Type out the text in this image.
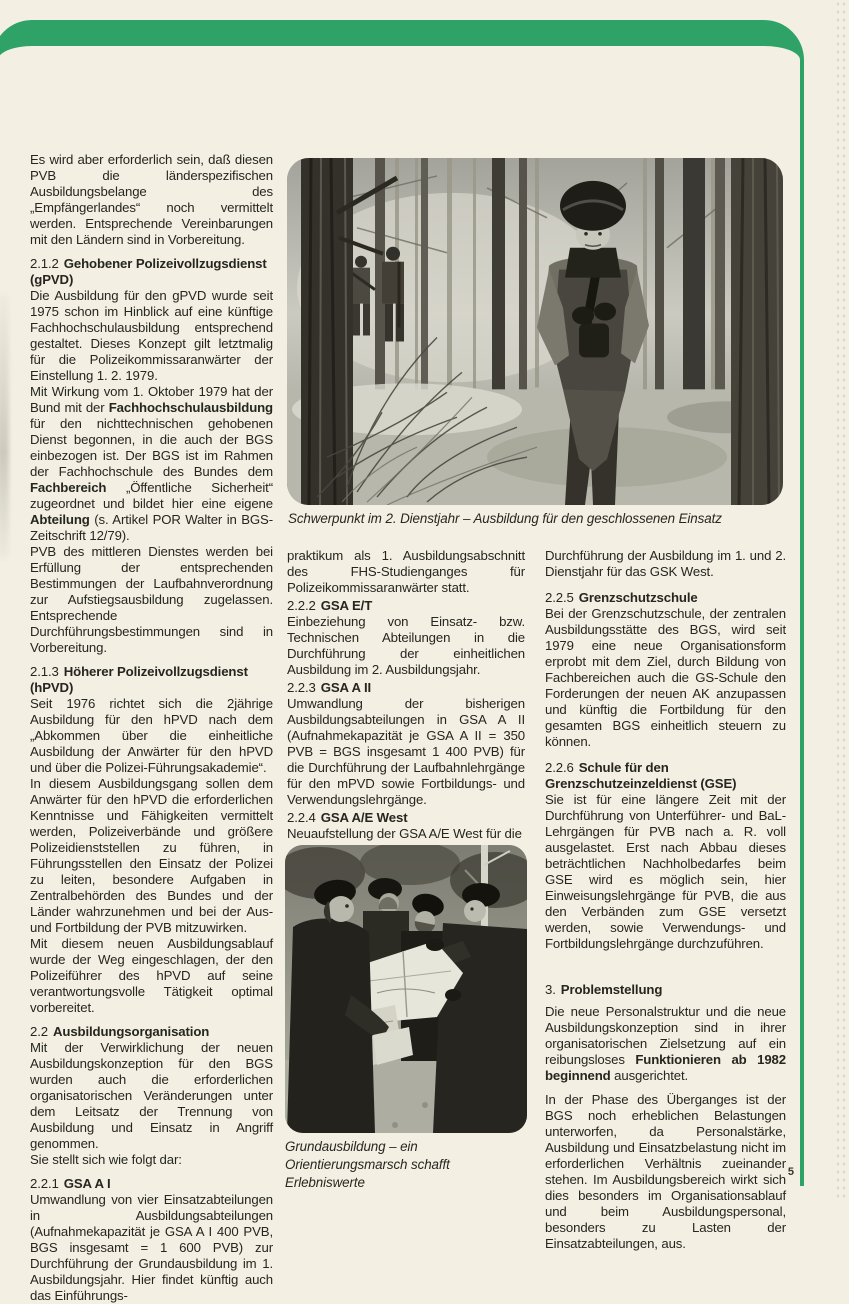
Es wird aber erforderlich sein, daß diesen PVB die länderspezifischen Ausbildungsbelange des „Empfängerlandes“ noch vermittelt werden. Entsprechende Vereinbarungen mit den Ländern sind in Vorbereitung.

2.1.2 Gehobener Polizeivollzugsdienst (gPVD)

Die Ausbildung für den gPVD wurde seit 1975 schon im Hinblick auf eine künftige Fachhochschulausbildung entsprechend gestaltet. Dieses Konzept gilt letztmalig für die Polizeikommissaranwärter der Einstellung 1. 2. 1979.

Mit Wirkung vom 1. Oktober 1979 hat der Bund mit der Fachhochschulausbildung für den nichttechnischen gehobenen Dienst begonnen, in die auch der BGS einbezogen ist. Der BGS ist im Rahmen der Fachhochschule des Bundes dem Fachbereich „Öffentliche Sicherheit“ zugeordnet und bildet hier eine eigene Abteilung (s. Artikel POR Walter in BGS-Zeitschrift 12/79).

PVB des mittleren Dienstes werden bei Erfüllung der entsprechenden Bestimmungen der Laufbahnverordnung zur Aufstiegsausbildung zugelassen. Entsprechende Durchführungsbestimmungen sind in Vorbereitung.

2.1.3 Höherer Polizeivollzugsdienst (hPVD)

Seit 1976 richtet sich die 2jährige Ausbildung für den hPVD nach dem „Abkommen über die einheitliche Ausbildung der Anwärter für den hPVD und über die Polizei-Führungsakademie“.

In diesem Ausbildungsgang sollen dem Anwärter für den hPVD die erforderlichen Kenntnisse und Fähigkeiten vermittelt werden, Polizeiverbände und größere Polizeidienststellen zu führen, in Führungsstellen den Einsatz der Polizei zu leiten, besondere Aufgaben in Zentralbehörden des Bundes und der Länder wahrzunehmen und bei der Aus- und Fortbildung der PVB mitzuwirken.

Mit diesem neuen Ausbildungsablauf wurde der Weg eingeschlagen, der den Polizeiführer des hPVD auf seine verantwortungsvolle Tätigkeit optimal vorbereitet.

2.2 Ausbildungsorganisation

Mit der Verwirklichung der neuen Ausbildungskonzeption für den BGS wurden auch die erforderlichen organisatorischen Veränderungen unter dem Leitsatz der Trennung von Ausbildung und Einsatz in Angriff genommen.

Sie stellt sich wie folgt dar:

2.2.1 GSA A I

Umwandlung von vier Einsatzabteilungen in Ausbildungsabteilungen (Aufnahmekapazität je GSA A I 400 PVB, BGS insgesamt = 1 600 PVB) zur Durchführung der Grundausbildung im 1. Ausbildungsjahr. Hier findet künftig auch das Einführungs-

Schwerpunkt im 2. Dienstjahr – Ausbildung für den geschlossenen Einsatz

praktikum als 1. Ausbildungsabschnitt des FHS-Studienganges für Polizeikommissaranwärter statt.

2.2.2 GSA E/T

Einbeziehung von Einsatz- bzw. Technischen Abteilungen in die Durchführung der einheitlichen Ausbildung im 2. Ausbildungsjahr.

2.2.3 GSA A II

Umwandlung der bisherigen Ausbildungsabteilungen in GSA A II (Aufnahmekapazität je GSA A II = 350 PVB = BGS insgesamt 1 400 PVB) für die Durchführung der Laufbahnlehrgänge für den mPVD sowie Fortbildungs- und Verwendungslehrgänge.

2.2.4 GSA A/E West

Neuaufstellung der GSA A/E West für die

Durchführung der Ausbildung im 1. und 2. Dienstjahr für das GSK West.

2.2.5 Grenzschutzschule

Bei der Grenzschutzschule, der zentralen Ausbildungsstätte des BGS, wird seit 1979 eine neue Organisationsform erprobt mit dem Ziel, durch Bildung von Fachbereichen auch die GS-Schule den Forderungen der neuen AK anzupassen und künftig die Fortbildung für den gesamten BGS einheitlich steuern zu können.

2.2.6 Schule für den Grenzschutzeinzeldienst (GSE)

Sie ist für eine längere Zeit mit der Durchführung von Unterführer- und BaL-Lehrgängen für PVB nach a. R. voll ausgelastet. Erst nach Abbau dieses beträchtlichen Nachholbedarfes beim GSE wird es möglich sein, hier Einweisungslehrgänge für PVB, die aus den Verbänden zum GSE versetzt werden, sowie Verwendungs- und Fortbildungslehrgänge durchzuführen.

3. Problemstellung

Die neue Personalstruktur und die neue Ausbildungskonzeption sind in ihrer organisatorischen Zielsetzung auf ein reibungsloses Funktionieren ab 1982 beginnend ausgerichtet.

In der Phase des Überganges ist der BGS noch erheblichen Belastungen unterworfen, da Personalstärke, Ausbildung und Einsatzbelastung nicht im erforderlichen Verhältnis zueinander stehen. Im Ausbildungsbereich wirkt sich dies besonders im Organisationsablauf und beim Ausbildungspersonal, besonders zu Lasten der Einsatzabteilungen, aus.

Grundausbildung – ein Orientierungsmarsch schafft Erlebniswerte
5
